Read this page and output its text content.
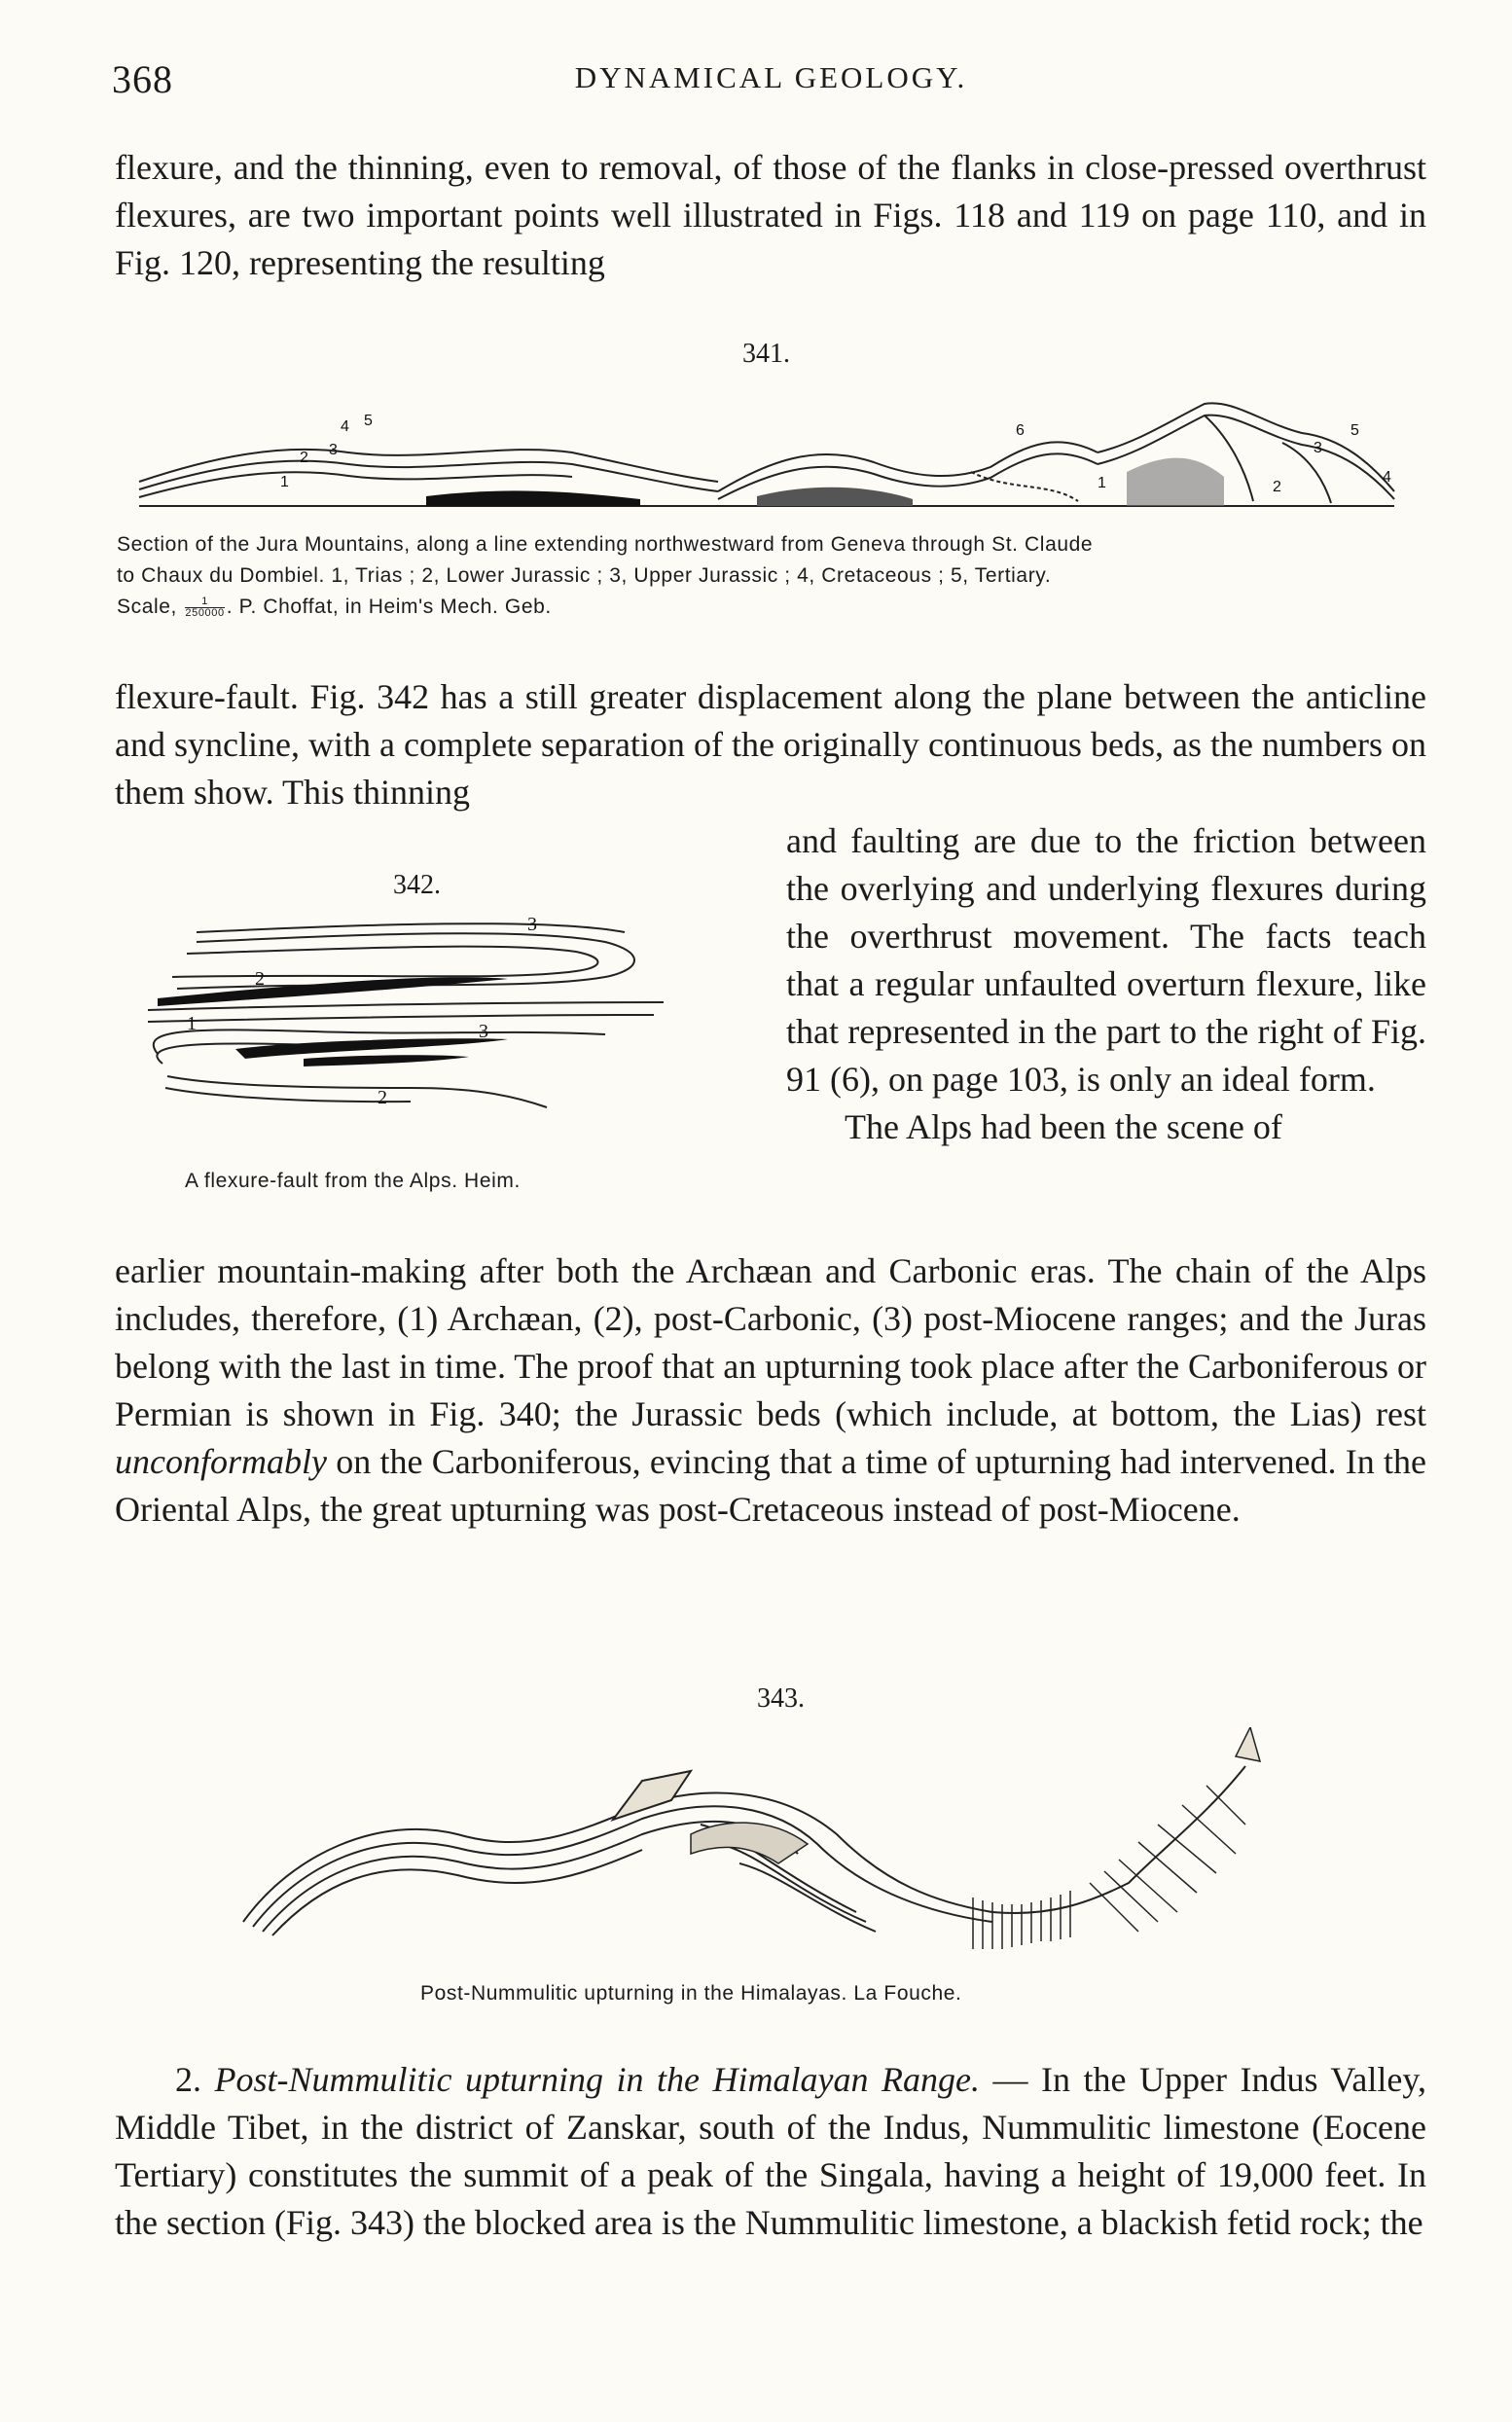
368	DYNAMICAL GEOLOGY.

flexure, and the thinning, even to removal, of those of the flanks in close-pressed overthrust flexures, are two important points well illustrated in Figs. 118 and 119 on page 110, and in Fig. 120, representing the resulting

341.
4 5
2 3
1
6	5
3
4
2
1
Section of the Jura Mountains, along a line extending northwestward from Geneva through St. Claude
to Chaux du Dombiel. 1, Trias ; 2, Lower Jurassic ; 3, Upper Jurassic ; 4, Cretaceous ; 5, Tertiary.
Scale, $\frac{1}{250000}$ . P. Choffat, in Heim's Mech. Geb.

flexure-fault. Fig. 342 has a still greater displacement along the plane between the anticline and syncline, with a complete separation of the originally continuous beds, as the numbers on them show. This thinning

342.
3
2
1	3
2
A flexure-fault from the Alps. Heim.

and faulting are due to the friction between the overlying and underlying flexures during the overthrust movement. The facts teach that a regular unfaulted overturn flexure, like that represented in the part to the right of Fig. 91 (6), on page 103, is only an ideal form.

The Alps had been the scene of

earlier mountain-making after both the Archæan and Carbonic eras. The chain of the Alps includes, therefore, (1) Archæan, (2), post-Carbonic, (3) post-Miocene ranges; and the Juras belong with the last in time. The proof that an upturning took place after the Carboniferous or Permian is shown in Fig. 340; the Jurassic beds (which include, at bottom, the Lias) rest unconformably on the Carboniferous, evincing that a time of upturning had intervened. In the Oriental Alps, the great upturning was post-Cretaceous instead of post-Miocene.

343.
Post-Nummulitic upturning in the Himalayas. La Fouche.

2. Post-Nummulitic upturning in the Himalayan Range. — In the Upper Indus Valley, Middle Tibet, in the district of Zanskar, south of the Indus, Nummulitic limestone (Eocene Tertiary) constitutes the summit of a peak of the Singala, having a height of 19,000 feet. In the section (Fig. 343) the blocked area is the Nummulitic limestone, a blackish fetid rock; the
